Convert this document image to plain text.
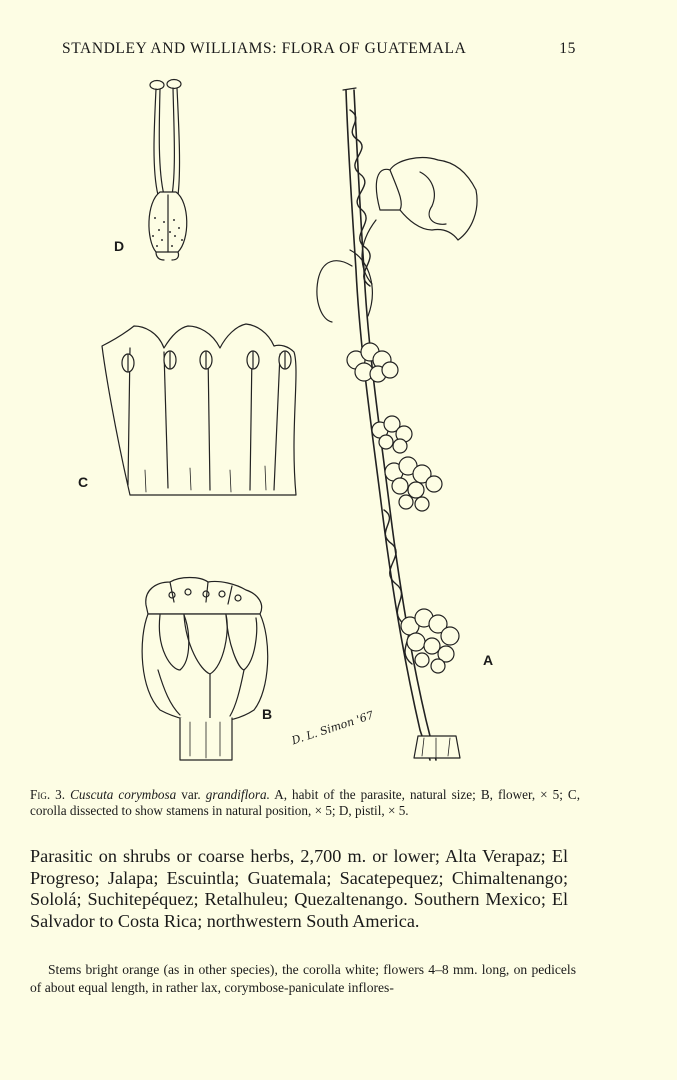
STANDLEY AND WILLIAMS: FLORA OF GUATEMALA	15
D
C
B
A
D. L. Simon '67
Fig. 3. Cuscuta corymbosa var. grandiflora. A, habit of the parasite, natural size; B, flower, × 5; C, corolla dissected to show stamens in natural position, × 5; D, pistil, × 5.
Parasitic on shrubs or coarse herbs, 2,700 m. or lower; Alta Verapaz; El Progreso; Jalapa; Escuintla; Guatemala; Sacatepequez; Chimaltenango; Sololá; Suchitepéquez; Retalhuleu; Quezaltenango. Southern Mexico; El Salvador to Costa Rica; northwestern South America.
Stems bright orange (as in other species), the corolla white; flowers 4–8 mm. long, on pedicels of about equal length, in rather lax, corymbose-paniculate inflores-
